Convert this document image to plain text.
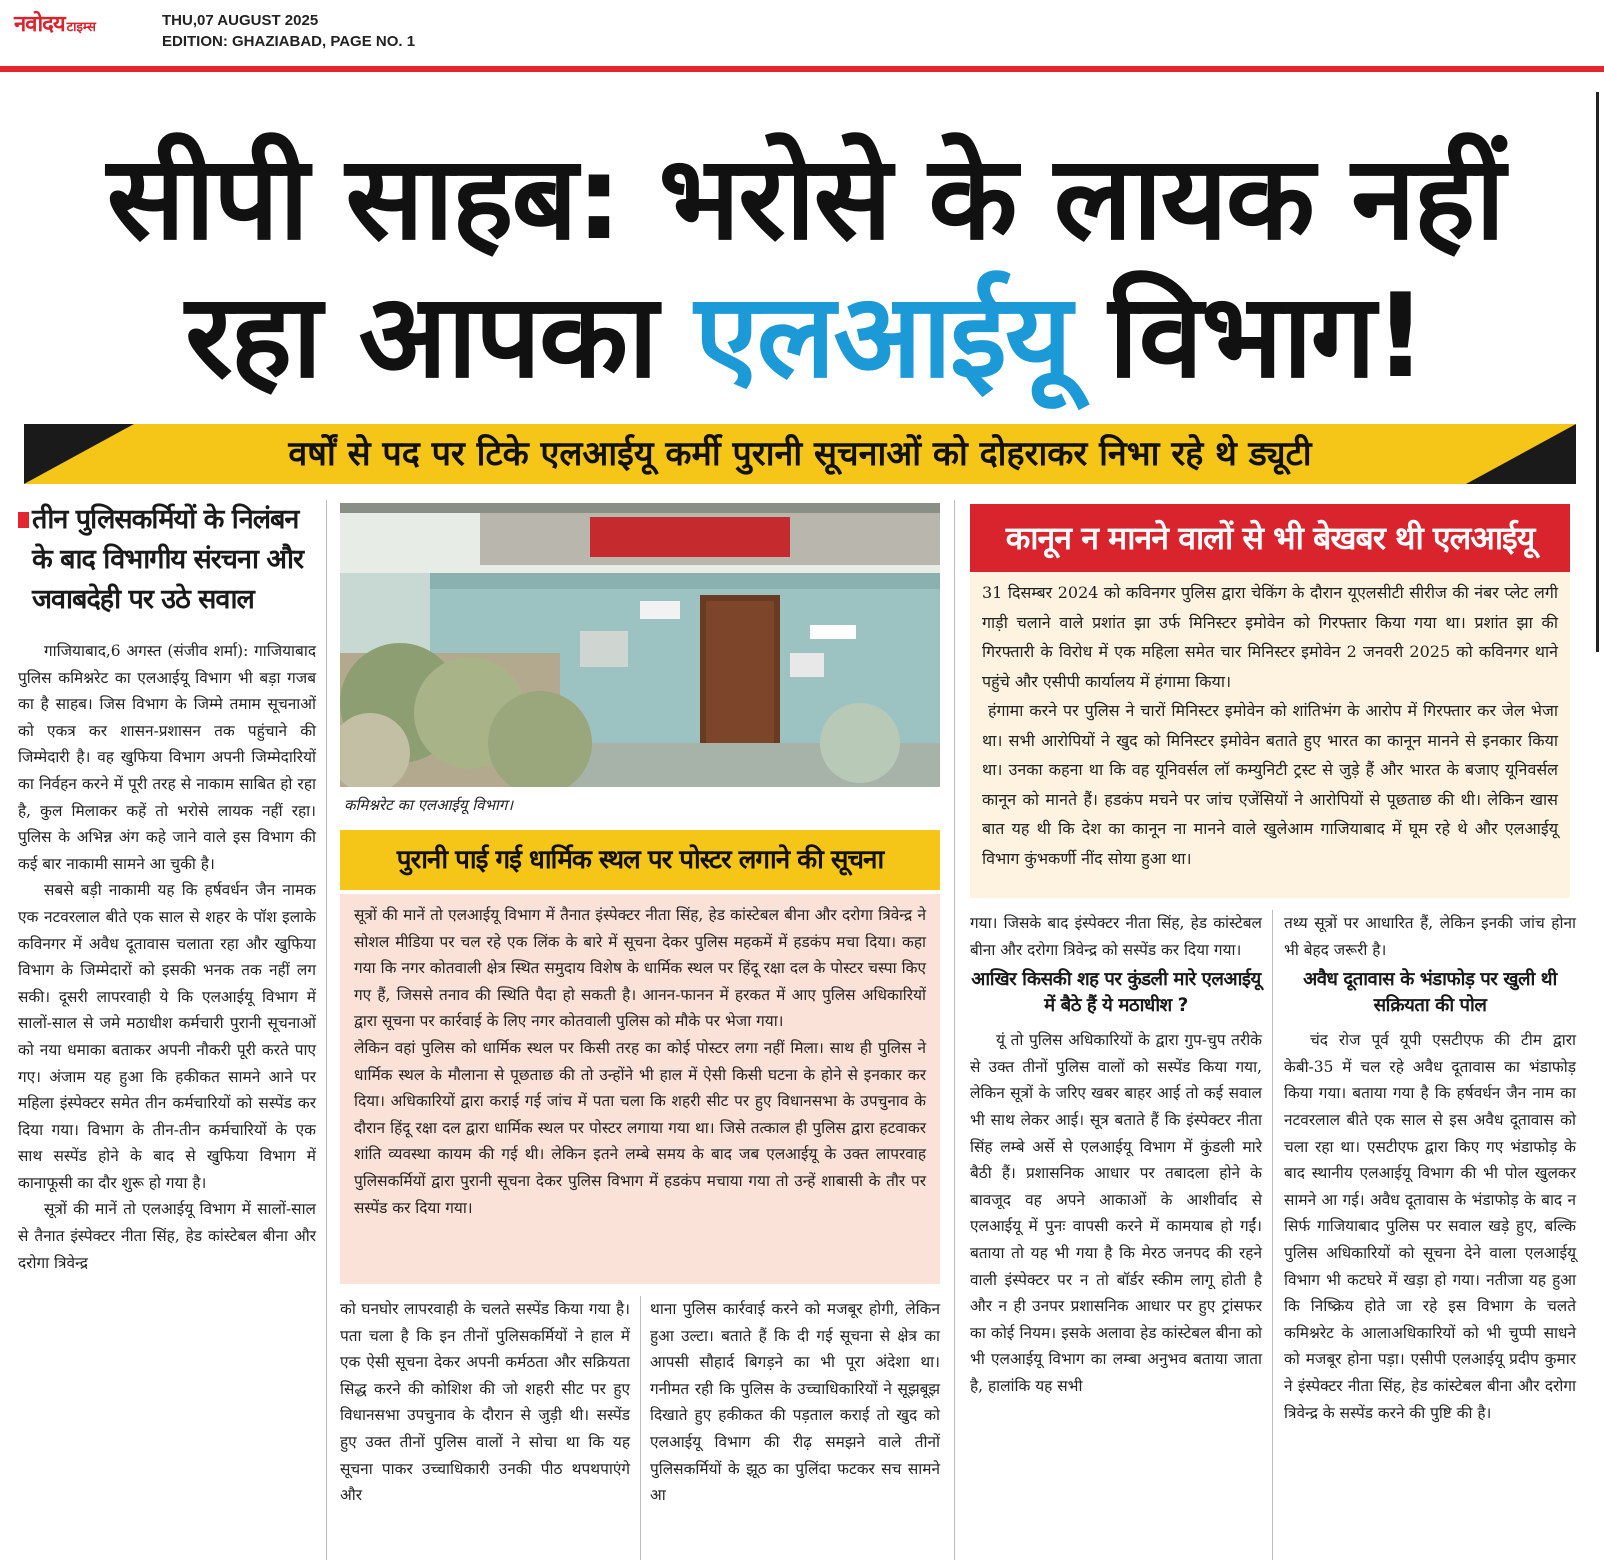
नवोदय टाइम्स	THU,07 AUGUST 2025
EDITION: GHAZIABAD, PAGE NO. 1
सीपी साहब: भरोसे के लायक नहीं
रहा आपका एलआईयू विभाग!
वर्षों से पद पर टिके एलआईयू कर्मी पुरानी सूचनाओं को दोहराकर निभा रहे थे ड्यूटी
तीन पुलिसकर्मियों के निलंबन के बाद विभागीय संरचना और जवाबदेही पर उठे सवाल

गाजियाबाद,6 अगस्त (संजीव शर्मा): गाजियाबाद पुलिस कमिश्नरेट का एलआईयू विभाग भी बड़ा गजब का है साहब। जिस विभाग के जिम्मे तमाम सूचनाओं को एकत्र कर शासन-प्रशासन तक पहुंचाने की जिम्मेदारी है। वह खुफिया विभाग अपनी जिम्मेदारियों का निर्वहन करने में पूरी तरह से नाकाम साबित हो रहा है, कुल मिलाकर कहें तो भरोसे लायक नहीं रहा। पुलिस के अभिन्न अंग कहे जाने वाले इस विभाग की कई बार नाकामी सामने आ चुकी है।

सबसे बड़ी नाकामी यह कि हर्षवर्धन जैन नामक एक नटवरलाल बीते एक साल से शहर के पॉश इलाके कविनगर में अवैध दूतावास चलाता रहा और खुफिया विभाग के जिम्मेदारों को इसकी भनक तक नहीं लग सकी। दूसरी लापरवाही ये कि एलआईयू विभाग में सालों-साल से जमे मठाधीश कर्मचारी पुरानी सूचनाओं को नया धमाका बताकर अपनी नौकरी पूरी करते पाए गए। अंजाम यह हुआ कि हकीकत सामने आने पर महिला इंस्पेक्टर समेत तीन कर्मचारियों को सस्पेंड कर दिया गया। विभाग के तीन-तीन कर्मचारियों के एक साथ सस्पेंड होने के बाद से खुफिया विभाग में कानाफूसी का दौर शुरू हो गया है।

सूत्रों की मानें तो एलआईयू विभाग में सालों-साल से तैनात इंस्पेक्टर नीता सिंह, हेड कांस्टेबल बीना और दरोगा त्रिवेन्द्र

कमिश्नरेट का एलआईयू विभाग।
पुरानी पाई गई धार्मिक स्थल पर पोस्टर लगाने की सूचना

सूत्रों की मानें तो एलआईयू विभाग में तैनात इंस्पेक्टर नीता सिंह, हेड कांस्टेबल बीना और दरोगा त्रिवेन्द्र ने सोशल मीडिया पर चल रहे एक लिंक के बारे में सूचना देकर पुलिस महकमें में हडकंप मचा दिया। कहा गया कि नगर कोतवाली क्षेत्र स्थित समुदाय विशेष के धार्मिक स्थल पर हिंदू रक्षा दल के पोस्टर चस्पा किए गए हैं, जिससे तनाव की स्थिति पैदा हो सकती है। आनन-फानन में हरकत में आए पुलिस अधिकारियों द्वारा सूचना पर कार्रवाई के लिए नगर कोतवाली पुलिस को मौके पर भेजा गया।

लेकिन वहां पुलिस को धार्मिक स्थल पर किसी तरह का कोई पोस्टर लगा नहीं मिला। साथ ही पुलिस ने धार्मिक स्थल के मौलाना से पूछताछ की तो उन्होंने भी हाल में ऐसी किसी घटना के होने से इनकार कर दिया। अधिकारियों द्वारा कराई गई जांच में पता चला कि शहरी सीट पर हुए विधानसभा के उपचुनाव के दौरान हिंदू रक्षा दल द्वारा धार्मिक स्थल पर पोस्टर लगाया गया था। जिसे तत्काल ही पुलिस द्वारा हटवाकर शांति व्यवस्था कायम की गई थी। लेकिन इतने लम्बे समय के बाद जब एलआईयू के उक्त लापरवाह पुलिसकर्मियों द्वारा पुरानी सूचना देकर पुलिस विभाग में हडकंप मचाया गया तो उन्हें शाबासी के तौर पर सस्पेंड कर दिया गया।

को घनघोर लापरवाही के चलते सस्पेंड किया गया है। पता चला है कि इन तीनों पुलिसकर्मियों ने हाल में एक ऐसी सूचना देकर अपनी कर्मठता और सक्रियता सिद्ध करने की कोशिश की जो शहरी सीट पर हुए विधानसभा उपचुनाव के दौरान से जुड़ी थी। सस्पेंड हुए उक्त तीनों पुलिस वालों ने सोचा था कि यह सूचना पाकर उच्चाधिकारी उनकी पीठ थपथपाएंगे और

थाना पुलिस कार्रवाई करने को मजबूर होगी, लेकिन हुआ उल्टा। बताते हैं कि दी गई सूचना से क्षेत्र का आपसी सौहार्द बिगड़ने का भी पूरा अंदेशा था। गनीमत रही कि पुलिस के उच्चाधिकारियों ने सूझबूझ दिखाते हुए हकीकत की पड़ताल कराई तो खुद को एलआईयू विभाग की रीढ़ समझने वाले तीनों पुलिसकर्मियों के झूठ का पुलिंदा फटकर सच सामने आ

कानून न मानने वालों से भी बेखबर थी एलआईयू

31 दिसम्बर 2024 को कविनगर पुलिस द्वारा चेकिंग के दौरान यूएलसीटी सीरीज की नंबर प्लेट लगी गाड़ी चलाने वाले प्रशांत झा उर्फ मिनिस्टर इमोवेन को गिरफ्तार किया गया था। प्रशांत झा की गिरफ्तारी के विरोध में एक महिला समेत चार मिनिस्टर इमोवेन 2 जनवरी 2025 को कविनगर थाने पहुंचे और एसीपी कार्यालय में हंगामा किया।

हंगामा करने पर पुलिस ने चारों मिनिस्टर इमोवेन को शांतिभंग के आरोप में गिरफ्तार कर जेल भेजा था। सभी आरोपियों ने खुद को मिनिस्टर इमोवेन बताते हुए भारत का कानून मानने से इनकार किया था। उनका कहना था कि वह यूनिवर्सल लॉ कम्युनिटी ट्रस्ट से जुड़े हैं और भारत के बजाए यूनिवर्सल कानून को मानते हैं। हडकंप मचने पर जांच एजेंसियों ने आरोपियों से पूछताछ की थी। लेकिन खास बात यह थी कि देश का कानून ना मानने वाले खुलेआम गाजियाबाद में घूम रहे थे और एलआईयू विभाग कुंभकर्णी नींद सोया हुआ था।

गया। जिसके बाद इंस्पेक्टर नीता सिंह, हेड कांस्टेबल बीना और दरोगा त्रिवेन्द्र को सस्पेंड कर दिया गया।

आखिर किसकी शह पर कुंडली मारे एलआईयू में बैठे हैं ये मठाधीश ?

यूं तो पुलिस अधिकारियों के द्वारा गुप-चुप तरीके से उक्त तीनों पुलिस वालों को सस्पेंड किया गया, लेकिन सूत्रों के जरिए खबर बाहर आई तो कई सवाल भी साथ लेकर आई। सूत्र बताते हैं कि इंस्पेक्टर नीता सिंह लम्बे अर्से से एलआईयू विभाग में कुंडली मारे बैठी हैं। प्रशासनिक आधार पर तबादला होने के बावजूद वह अपने आकाओं के आशीर्वाद से एलआईयू में पुनः वापसी करने में कामयाब हो गईं। बताया तो यह भी गया है कि मेरठ जनपद की रहने वाली इंस्पेक्टर पर न तो बॉर्डर स्कीम लागू होती है और न ही उनपर प्रशासनिक आधार पर हुए ट्रांसफर का कोई नियम। इसके अलावा हेड कांस्टेबल बीना को भी एलआईयू विभाग का लम्बा अनुभव बताया जाता है, हालांकि यह सभी

तथ्य सूत्रों पर आधारित हैं, लेकिन इनकी जांच होना भी बेहद जरूरी है।

अवैध दूतावास के भंडाफोड़ पर खुली थी सक्रियता की पोल

चंद रोज पूर्व यूपी एसटीएफ की टीम द्वारा केबी-35 में चल रहे अवैध दूतावास का भंडाफोड़ किया गया। बताया गया है कि हर्षवर्धन जैन नाम का नटवरलाल बीते एक साल से इस अवैध दूतावास को चला रहा था। एसटीएफ द्वारा किए गए भंडाफोड़ के बाद स्थानीय एलआईयू विभाग की भी पोल खुलकर सामने आ गई। अवैध दूतावास के भंडाफोड़ के बाद न सिर्फ गाजियाबाद पुलिस पर सवाल खड़े हुए, बल्कि पुलिस अधिकारियों को सूचना देने वाला एलआईयू विभाग भी कटघरे में खड़ा हो गया। नतीजा यह हुआ कि निष्क्रिय होते जा रहे इस विभाग के चलते कमिश्नरेट के आलाअधिकारियों को भी चुप्पी साधने को मजबूर होना पड़ा। एसीपी एलआईयू प्रदीप कुमार ने इंस्पेक्टर नीता सिंह, हेड कांस्टेबल बीना और दरोगा त्रिवेन्द्र के सस्पेंड करने की पुष्टि की है।
